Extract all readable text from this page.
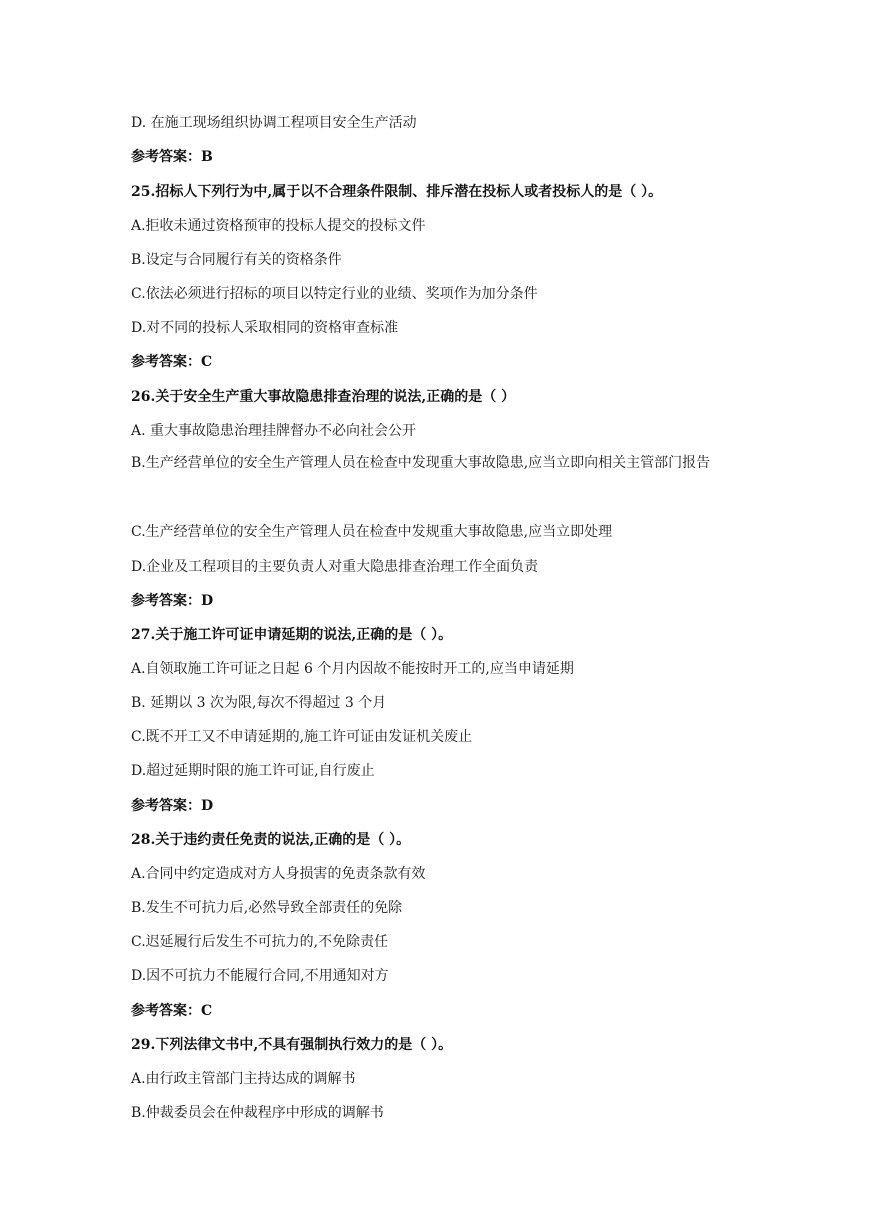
D. 在施工现场组织协调工程项目安全生产活动
参考答案：B
25.招标人下列行为中,属于以不合理条件限制、排斥潜在投标人或者投标人的是（ ）。
A.拒收未通过资格预审的投标人提交的投标文件
B.设定与合同履行有关的资格条件
C.依法必须进行招标的项目以特定行业的业绩、奖项作为加分条件
D.对不同的投标人采取相同的资格审查标准
参考答案：C
26.关于安全生产重大事故隐患排查治理的说法,正确的是（ ）
A. 重大事故隐患治理挂牌督办不必向社会公开
B.生产经营单位的安全生产管理人员在检查中发现重大事故隐患,应当立即向相关主管部门报告
C.生产经营单位的安全生产管理人员在检查中发规重大事故隐患,应当立即处理
D.企业及工程项目的主要负责人对重大隐患排查治理工作全面负责
参考答案：D
27.关于施工许可证申请延期的说法,正确的是（ ）。
A.自领取施工许可证之日起 6 个月内因故不能按时开工的,应当申请延期
B. 延期以 3 次为限,每次不得超过 3 个月
C.既不开工又不申请延期的,施工许可证由发证机关废止
D.超过延期时限的施工许可证,自行废止
参考答案：D
28.关于违约责任免责的说法,正确的是（ ）。
A.合同中约定造成对方人身损害的免责条款有效
B.发生不可抗力后,必然导致全部责任的免除
C.迟延履行后发生不可抗力的,不免除责任
D.因不可抗力不能履行合同,不用通知对方
参考答案：C
29.下列法律文书中,不具有强制执行效力的是（ ）。
A.由行政主管部门主持达成的调解书
B.仲裁委员会在仲裁程序中形成的调解书
